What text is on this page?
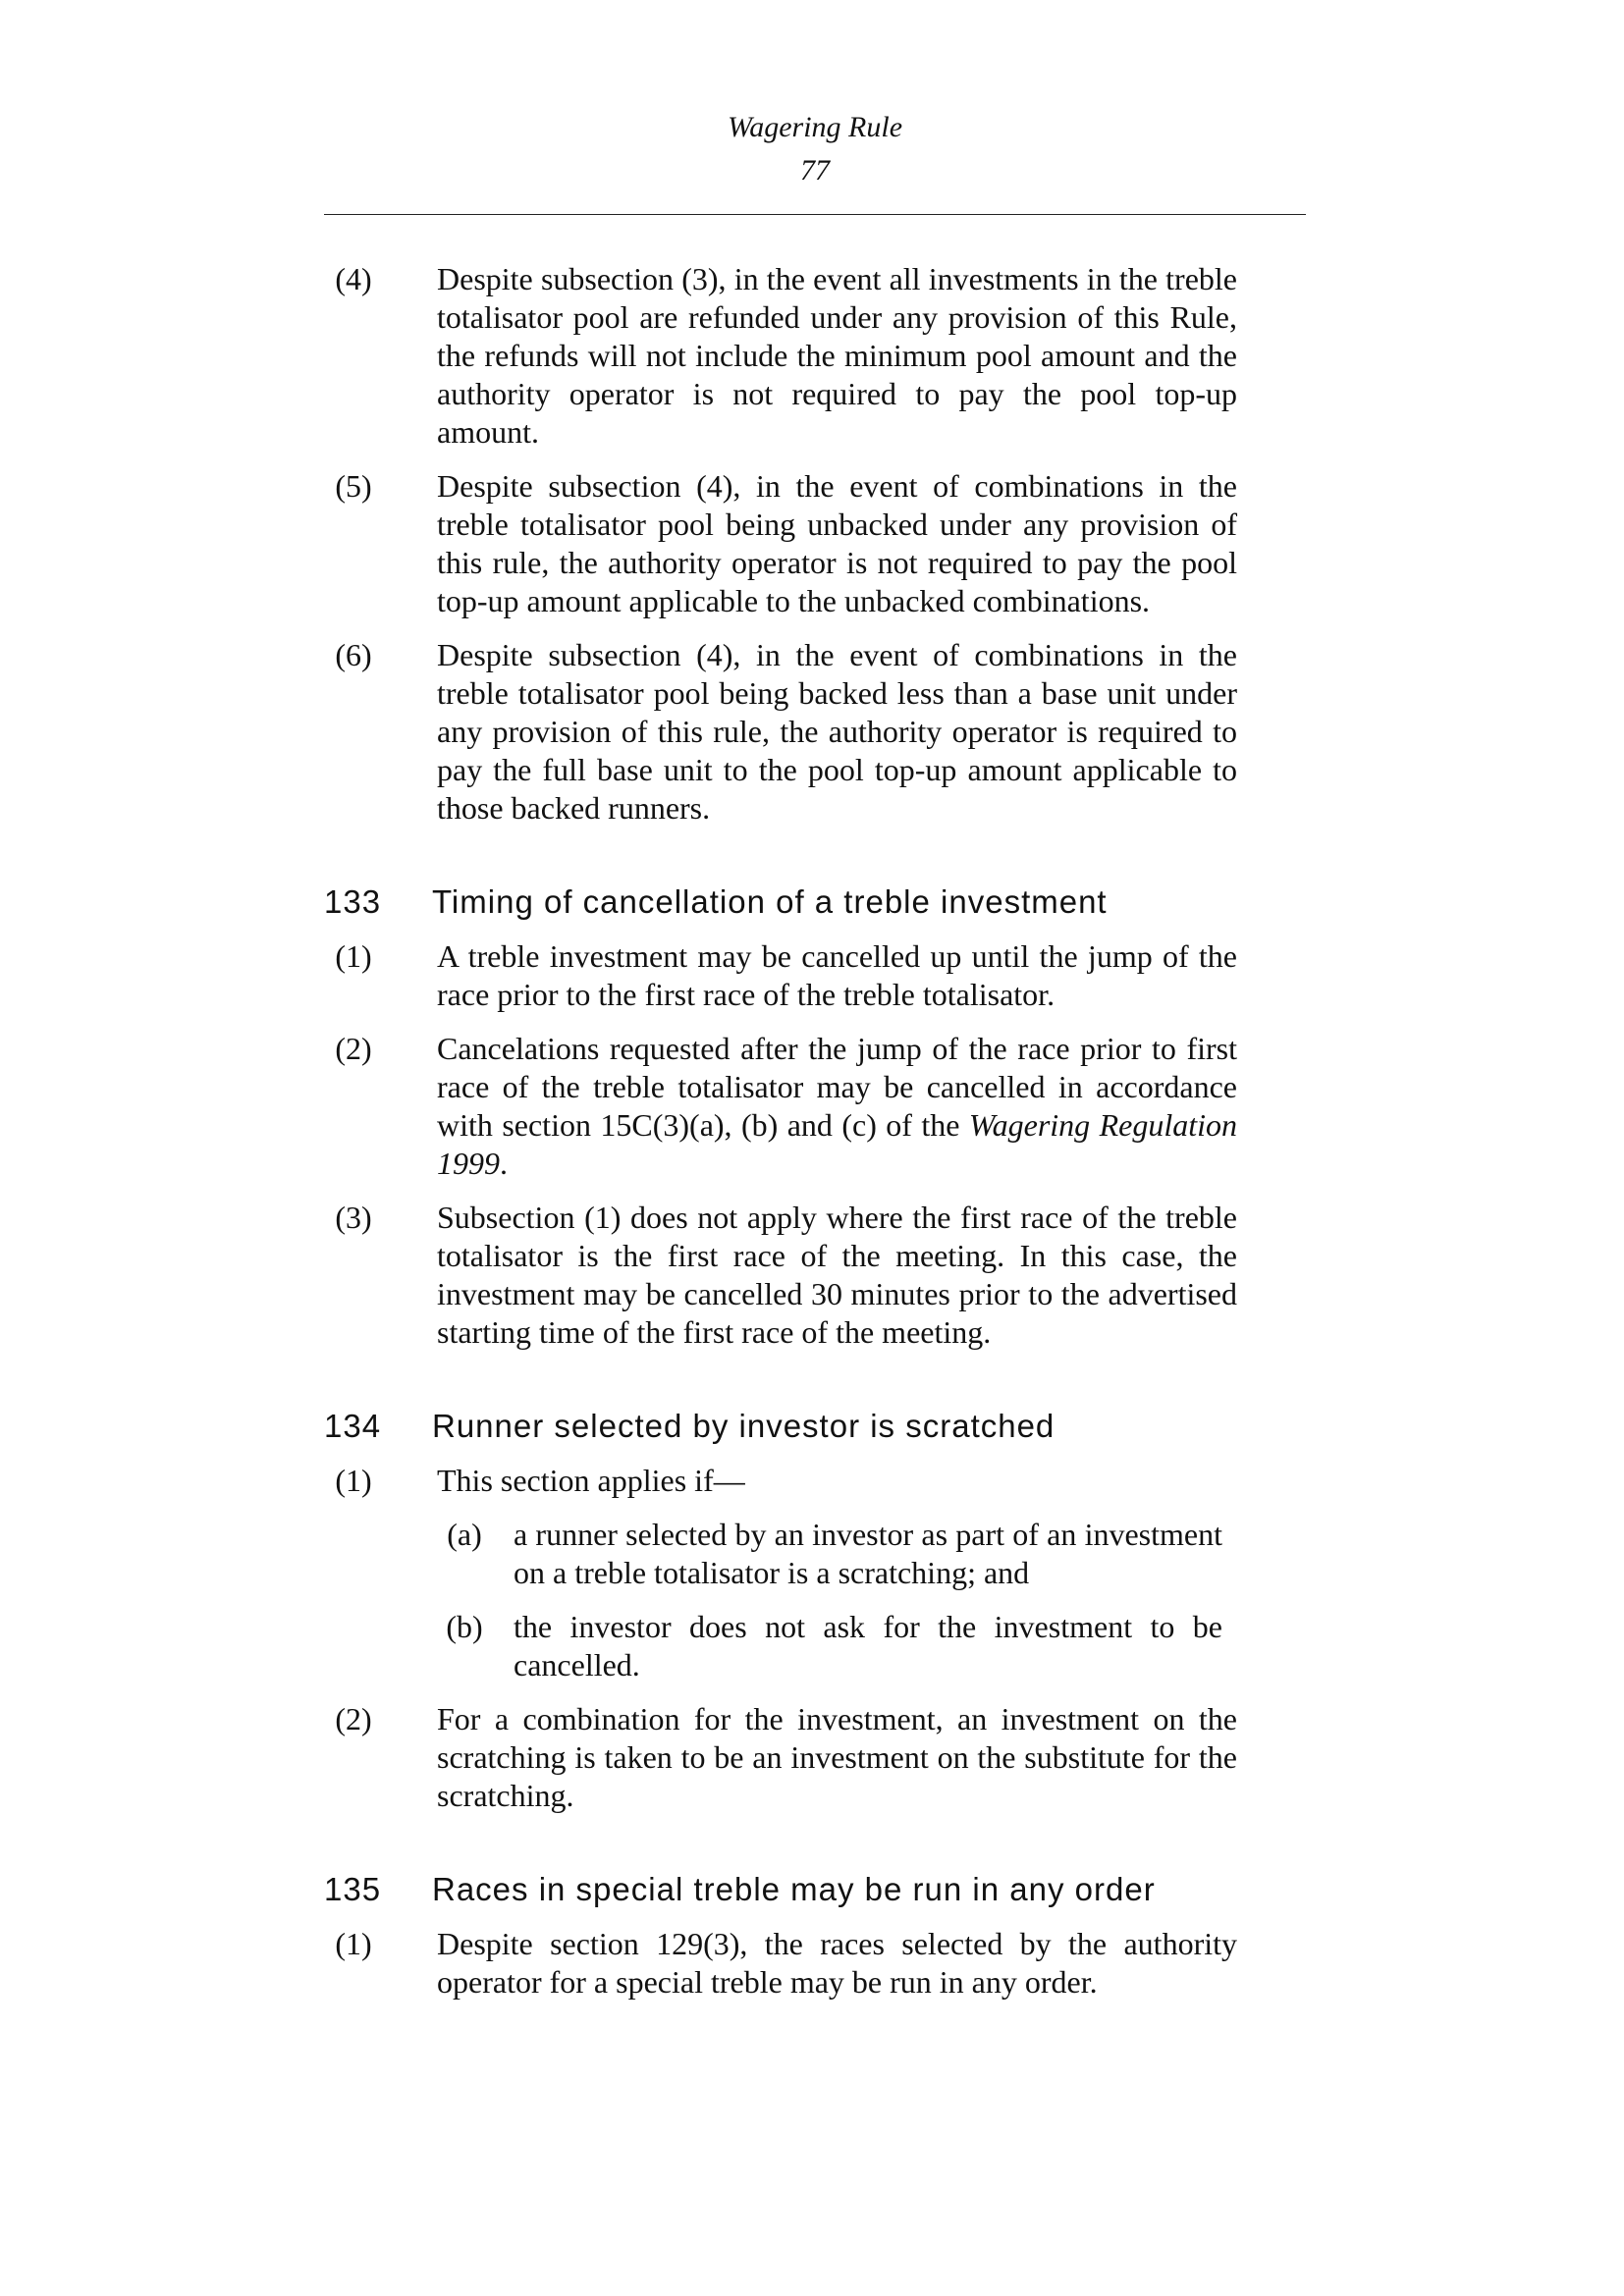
Wagering Rule
77
(4)	Despite subsection (3), in the event all investments in the treble totalisator pool are refunded under any provision of this Rule, the refunds will not include the minimum pool amount and the authority operator is not required to pay the pool top-up amount.
(5)	Despite subsection (4), in the event of combinations in the treble totalisator pool being unbacked under any provision of this rule, the authority operator is not required to pay the pool top-up amount applicable to the unbacked combinations.
(6)	Despite subsection (4), in the event of combinations in the treble totalisator pool being backed less than a base unit under any provision of this rule, the authority operator is required to pay the full base unit to the pool top-up amount applicable to those backed runners.
133 Timing of cancellation of a treble investment
(1)	A treble investment may be cancelled up until the jump of the race prior to the first race of the treble totalisator.
(2)	Cancelations requested after the jump of the race prior to first race of the treble totalisator may be cancelled in accordance with section 15C(3)(a), (b) and (c) of the Wagering Regulation 1999.
(3)	Subsection (1) does not apply where the first race of the treble totalisator is the first race of the meeting. In this case, the investment may be cancelled 30 minutes prior to the advertised starting time of the first race of the meeting.
134 Runner selected by investor is scratched
(1)	This section applies if—
(a)	a runner selected by an investor as part of an investment on a treble totalisator is a scratching; and
(b) the investor does not ask for the investment to be cancelled.
(2)	For a combination for the investment, an investment on the scratching is taken to be an investment on the substitute for the scratching.
135 Races in special treble may be run in any order
(1)	Despite section 129(3), the races selected by the authority operator for a special treble may be run in any order.
